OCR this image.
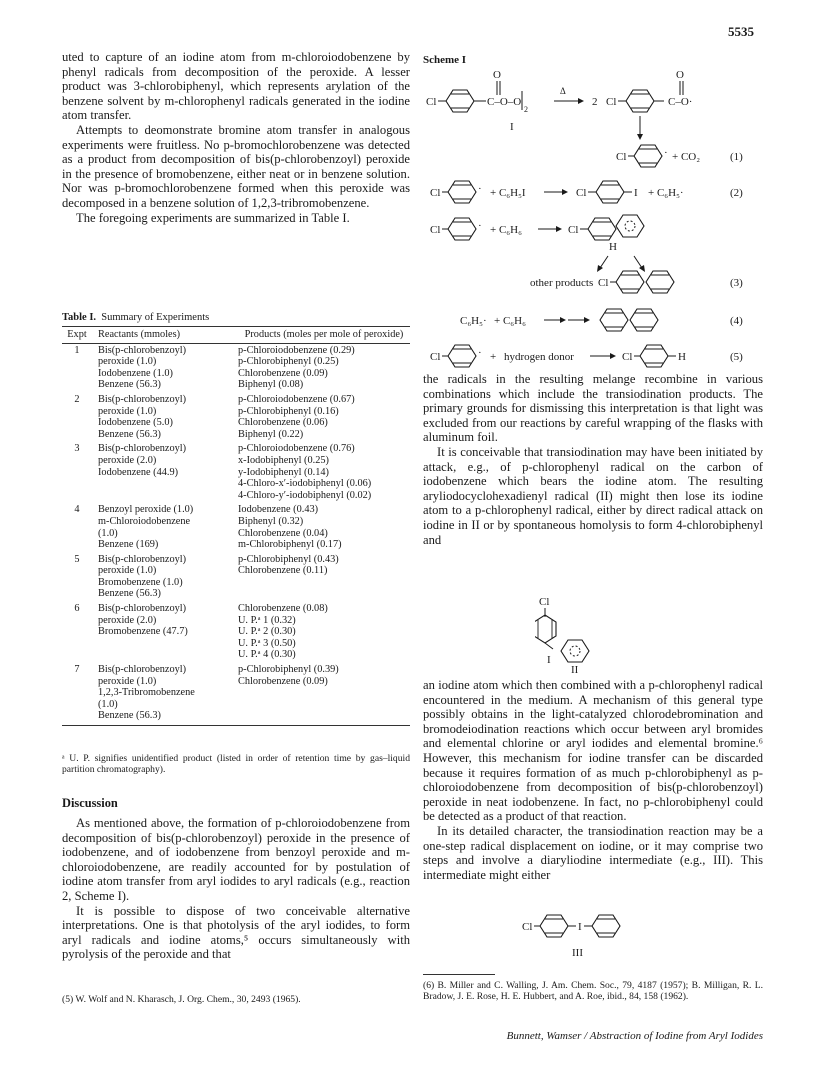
5535

uted to capture of an iodine atom from m-chloroiodobenzene by phenyl radicals from decomposition of the peroxide. A lesser product was 3-chlorobiphenyl, which represents arylation of the benzene solvent by m-chlorophenyl radicals generated in the iodine atom transfer.

Attempts to deomonstrate bromine atom transfer in analogous experiments were fruitless. No p-bromochlorobenzene was detected as a product from decomposition of bis(p-chlorobenzoyl) peroxide in the presence of bromobenzene, either neat or in benzene solution. Nor was p-bromochlorobenzene formed when this peroxide was decomposed in a benzene solution of 1,2,3-tribromobenzene.

The foregoing experiments are summarized in Table I.

Table I. Summary of Experiments
Expt	Reactants (mmoles)	Products (moles per mole of peroxide)
1	Bis(p-chlorobenzoyl)
peroxide (1.0)
Iodobenzene (1.0)
Benzene (56.3)	p-Chloroiodobenzene (0.29)
p-Chlorobiphenyl (0.25)
Chlorobenzene (0.09)
Biphenyl (0.08)
2	Bis(p-chlorobenzoyl)
peroxide (1.0)
Iodobenzene (5.0)
Benzene (56.3)	p-Chloroiodobenzene (0.67)
p-Chlorobiphenyl (0.16)
Chlorobenzene (0.06)
Biphenyl (0.22)
3	Bis(p-chlorobenzoyl)
peroxide (2.0)
Iodobenzene (44.9)	p-Chloroiodobenzene (0.76)
x-Iodobiphenyl (0.25)
y-Iodobiphenyl (0.14)
4-Chloro-x′-iodobiphenyl (0.06)
4-Chloro-y′-iodobiphenyl (0.02)
4	Benzoyl peroxide (1.0)
m-Chloroiodobenzene
(1.0)
Benzene (169)	Iodobenzene (0.43)
Biphenyl (0.32)
Chlorobenzene (0.04)
m-Chlorobiphenyl (0.17)
5	Bis(p-chlorobenzoyl)
peroxide (1.0)
Bromobenzene (1.0)
Benzene (56.3)	p-Chlorobiphenyl (0.43)
Chlorobenzene (0.11)
6	Bis(p-chlorobenzoyl)
peroxide (2.0)
Bromobenzene (47.7)	Chlorobenzene (0.08)
U. P.ᵃ 1 (0.32)
U. P.ᵃ 2 (0.30)
U. P.ᵃ 3 (0.50)
U. P.ᵃ 4 (0.30)
7	Bis(p-chlorobenzoyl)
peroxide (1.0)
1,2,3-Tribromobenzene
(1.0)
Benzene (56.3)	p-Chlorobiphenyl (0.39)
Chlorobenzene (0.09)
ᵃ U. P. signifies unidentified product (listed in order of retention time by gas–liquid partition chromatography).
Discussion

As mentioned above, the formation of p-chloroiodobenzene from decomposition of bis(p-chlorobenzoyl) peroxide in the presence of iodobenzene, and of iodobenzene from benzoyl peroxide and m-chloroiodobenzene, are readily accounted for by postulation of iodine atom transfer from aryl iodides to aryl radicals (e.g., reaction 2, Scheme I).

It is possible to dispose of two conceivable alternative interpretations. One is that photolysis of the aryl iodides, to form aryl radicals and iodine atoms,⁵ occurs simultaneously with pyrolysis of the peroxide and that

(5) W. Wolf and N. Kharasch, J. Org. Chem., 30, 2493 (1965).
Scheme I
Cl
O
C–O–O
2
I
Δ
2 Cl
O
C–O·
Cl	· + CO₂	(1)
Cl	· + C₆H₅I	Cl	I + C₆H₅·	(2)
Cl	· + C₆H₆	Cl
H
other products Cl	(3)
C₆H₅· + C₆H₆	(4)
Cl	· + hydrogen donor	Cl	H	(5)

the radicals in the resulting melange recombine in various combinations which include the transiodination products. The primary grounds for dismissing this interpretation is that light was excluded from our reactions by careful wrapping of the flasks with aluminum foil.

It is conceivable that transiodination may have been initiated by attack, e.g., of p-chlorophenyl radical on the carbon of iodobenzene which bears the iodine atom. The resulting aryliodocyclohexadienyl radical (II) might then lose its iodine atom to a p-chlorophenyl radical, either by direct radical attack on iodine in II or by spontaneous homolysis to form 4-chlorobiphenyl and

Cl
I
II

an iodine atom which then combined with a p-chlorophenyl radical encountered in the medium. A mechanism of this general type possibly obtains in the light-catalyzed chlorodebromination and bromodeiodination reactions which occur between aryl bromides and elemental chlorine or aryl iodides and elemental bromine.⁶ However, this mechanism for iodine transfer can be discarded because it requires formation of as much p-chlorobiphenyl as p-chloroiodobenzene from decomposition of bis(p-chlorobenzoyl) peroxide in neat iodobenzene. In fact, no p-chlorobiphenyl could be detected as a product of that reaction.

In its detailed character, the transiodination reaction may be a one-step radical displacement on iodine, or it may comprise two steps and involve a diaryliodine intermediate (e.g., III). This intermediate might either

Cl	I
III
(6) B. Miller and C. Walling, J. Am. Chem. Soc., 79, 4187 (1957); B. Milligan, R. L. Bradow, J. E. Rose, H. E. Hubbert, and A. Roe, ibid., 84, 158 (1962).
Bunnett, Wamser / Abstraction of Iodine from Aryl Iodides
